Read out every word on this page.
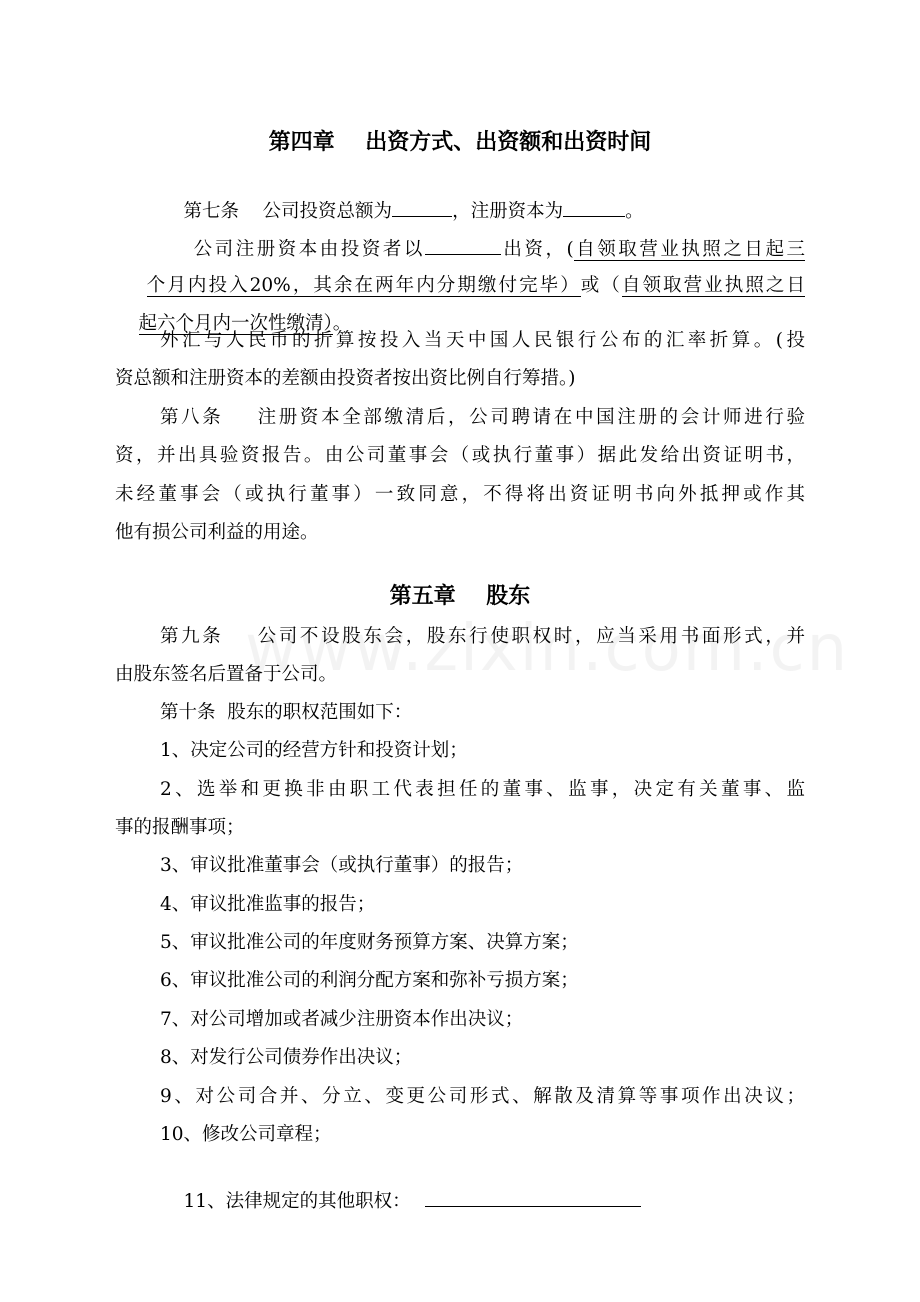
第四章    出资方式、出资额和出资时间

第七条    公司投资总额为	，注册资本为	。

公司注册资本由投资者以	出资，(自领取营业执照之日起三

个月内投入20%，其余在两年内分期缴付完毕）或（自领取营业执照之日

起六个月内一次性缴清）。

外汇与人民币的折算按投入当天中国人民银行公布的汇率折算。(投
资总额和注册资本的差额由投资者按出资比例自行筹措。)
第八条    注册资本全部缴清后，公司聘请在中国注册的会计师进行验
资，并出具验资报告。由公司董事会（或执行董事）据此发给出资证明书，
未经董事会（或执行董事）一致同意，不得将出资证明书向外抵押或作其
他有损公司利益的用途。
第五章    股东
第九条    公司不设股东会，股东行使职权时，应当采用书面形式，并
由股东签名后置备于公司。
第十条  股东的职权范围如下：
1、决定公司的经营方针和投资计划；
2、选举和更换非由职工代表担任的董事、监事，决定有关董事、监
事的报酬事项；
3、审议批准董事会（或执行董事）的报告；
4、审议批准监事的报告；
5、审议批准公司的年度财务预算方案、决算方案；
6、审议批准公司的利润分配方案和弥补亏损方案；
7、对公司增加或者减少注册资本作出决议；
8、对发行公司债券作出决议；
9、对公司合并、分立、变更公司形式、解散及清算等事项作出决议；
10、修改公司章程；

11、法律规定的其他职权：
